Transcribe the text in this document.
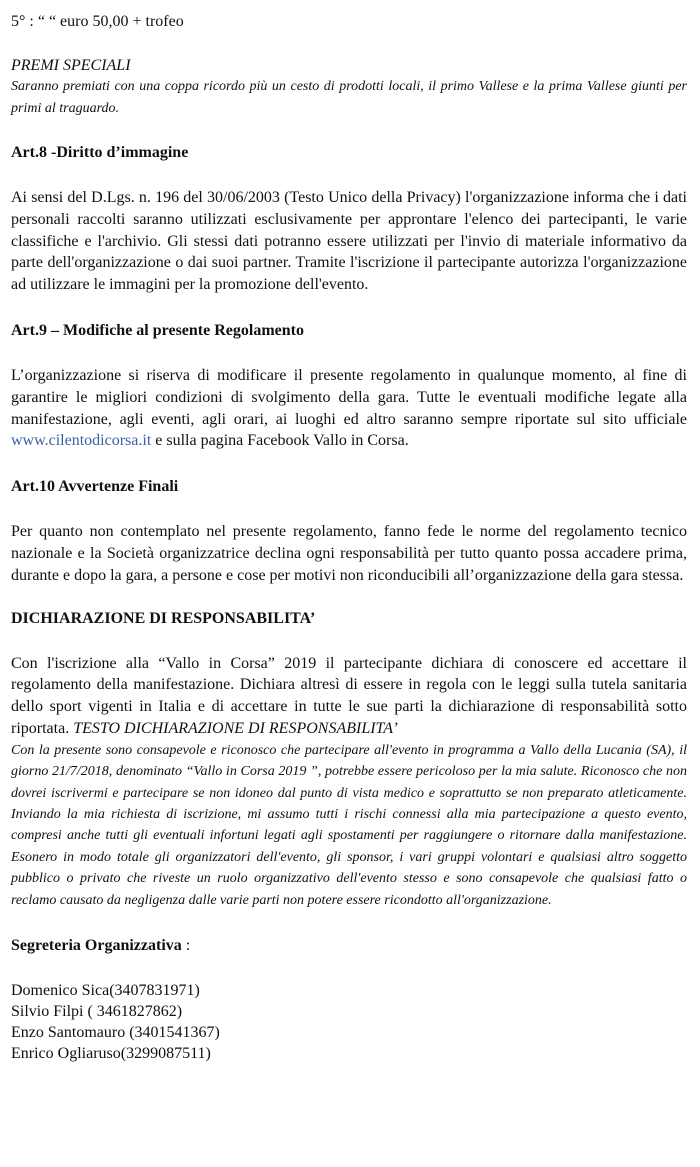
5° : “ “ euro 50,00 + trofeo

PREMI SPECIALI

Saranno premiati con una coppa ricordo più un cesto di prodotti locali, il primo Vallese e la prima Vallese giunti per primi al traguardo.

Art.8 -Diritto d’immagine

Ai sensi del D.Lgs. n. 196 del 30/06/2003 (Testo Unico della Privacy) l'organizzazione informa che i dati personali raccolti saranno utilizzati esclusivamente per approntare l'elenco dei partecipanti, le varie classifiche e l'archivio. Gli stessi dati potranno essere utilizzati per l'invio di materiale informativo da parte dell'organizzazione o dai suoi partner. Tramite l'iscrizione il partecipante autorizza l'organizzazione ad utilizzare le immagini per la promozione dell'evento.

Art.9 – Modifiche al presente Regolamento

L’organizzazione si riserva di modificare il presente regolamento in qualunque momento, al fine di garantire le migliori condizioni di svolgimento della gara. Tutte le eventuali modifiche legate alla manifestazione, agli eventi, agli orari, ai luoghi ed altro saranno sempre riportate sul sito ufficiale www.cilentodicorsa.it e sulla pagina Facebook Vallo in Corsa.

Art.10 Avvertenze Finali

Per quanto non contemplato nel presente regolamento, fanno fede le norme del regolamento tecnico nazionale e la Società organizzatrice declina ogni responsabilità per tutto quanto possa accadere prima, durante e dopo la gara, a persone e cose per motivi non riconducibili all’organizzazione della gara stessa.

DICHIARAZIONE DI RESPONSABILITA’

Con l'iscrizione alla “Vallo in Corsa” 2019 il partecipante dichiara di conoscere ed accettare il regolamento della manifestazione. Dichiara altresì di essere in regola con le leggi sulla tutela sanitaria dello sport vigenti in Italia e di accettare in tutte le sue parti la dichiarazione di responsabilità sotto riportata. TESTO DICHIARAZIONE DI RESPONSABILITA’

Con la presente sono consapevole e riconosco che partecipare all'evento in programma a Vallo della Lucania (SA), il giorno 21/7/2018, denominato “Vallo in Corsa 2019 ”, potrebbe essere pericoloso per la mia salute. Riconosco che non dovrei iscrivermi e partecipare se non idoneo dal punto di vista medico e soprattutto se non preparato atleticamente. Inviando la mia richiesta di iscrizione, mi assumo tutti i rischi connessi alla mia partecipazione a questo evento, compresi anche tutti gli eventuali infortuni legati agli spostamenti per raggiungere o ritornare dalla manifestazione. Esonero in modo totale gli organizzatori dell'evento, gli sponsor, i vari gruppi volontari e qualsiasi altro soggetto pubblico o privato che riveste un ruolo organizzativo dell'evento stesso e sono consapevole che qualsiasi fatto o reclamo causato da negligenza dalle varie parti non potere essere ricondotto all'organizzazione.

Segreteria Organizzativa :

Domenico Sica(3407831971)
Silvio Filpi ( 3461827862)
Enzo Santomauro (3401541367)
Enrico Ogliaruso(3299087511)
